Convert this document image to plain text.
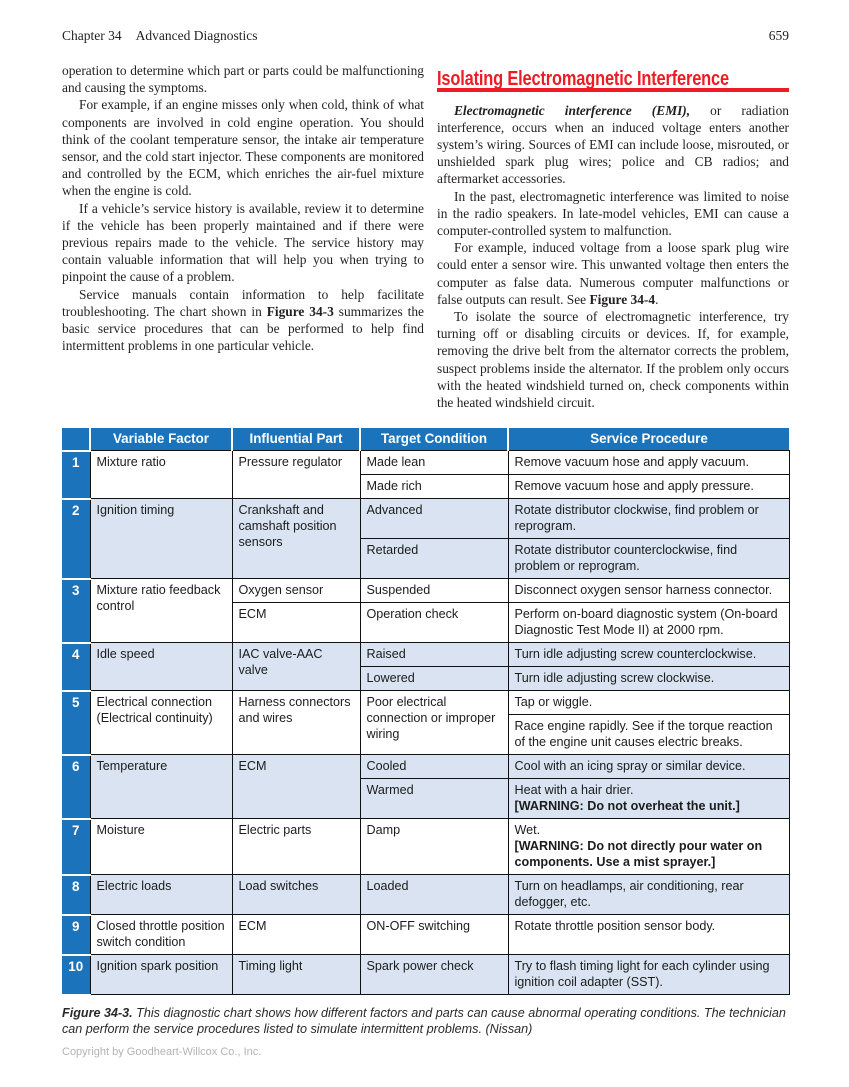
Chapter 34 Advanced Diagnostics	659

operation to determine which part or parts could be malfunctioning and causing the symptoms.

For example, if an engine misses only when cold, think of what components are involved in cold engine operation. You should think of the coolant temperature sensor, the intake air temperature sensor, and the cold start injector. These components are monitored and controlled by the ECM, which enriches the air-fuel mixture when the engine is cold.

If a vehicle’s service history is available, review it to determine if the vehicle has been properly maintained and if there were previous repairs made to the vehicle. The service history may contain valuable information that will help you when trying to pinpoint the cause of a problem.

Service manuals contain information to help facilitate troubleshooting. The chart shown in Figure 34-3 summarizes the basic service procedures that can be performed to help find intermittent problems in one particular vehicle.

Isolating Electromagnetic Interference

Electromagnetic interference (EMI), or radiation interference, occurs when an induced voltage enters another system’s wiring. Sources of EMI can include loose, misrouted, or unshielded spark plug wires; police and CB radios; and aftermarket accessories.

In the past, electromagnetic interference was limited to noise in the radio speakers. In late-model vehicles, EMI can cause a computer-controlled system to malfunction.

For example, induced voltage from a loose spark plug wire could enter a sensor wire. This unwanted voltage then enters the computer as false data. Numerous computer malfunctions or false outputs can result. See Figure 34-4.

To isolate the source of electromagnetic interference, try turning off or disabling circuits or devices. If, for example, removing the drive belt from the alternator corrects the problem, suspect problems inside the alternator. If the problem only occurs with the heated windshield turned on, check components within the heated windshield circuit.

	Variable Factor	Influential Part	Target Condition	Service Procedure
1	Mixture ratio	Pressure regulator	Made lean	Remove vacuum hose and apply vacuum.
			Made rich	Remove vacuum hose and apply pressure.
2	Ignition timing	Crankshaft and camshaft position sensors	Advanced	Rotate distributor clockwise, find problem or reprogram.
			Retarded	Rotate distributor counterclockwise, find problem or reprogram.
3	Mixture ratio feedback control	Oxygen sensor	Suspended	Disconnect oxygen sensor harness connector.
		ECM	Operation check	Perform on-board diagnostic system (On-board Diagnostic Test Mode II) at 2000 rpm.
4	Idle speed	IAC valve-AAC valve	Raised	Turn idle adjusting screw counterclockwise.
			Lowered	Turn idle adjusting screw clockwise.
5	Electrical connection (Electrical continuity)	Harness connectors and wires	Poor electrical connection or improper wiring	Tap or wiggle.
				Race engine rapidly. See if the torque reaction of the engine unit causes electric breaks.
6	Temperature	ECM	Cooled	Cool with an icing spray or similar device.
			Warmed	Heat with a hair drier.
[WARNING: Do not overheat the unit.]

7	Moisture	Electric parts	Damp	Wet.
[WARNING: Do not directly pour water on components. Use a mist sprayer.]

8	Electric loads	Load switches	Loaded	Turn on headlamps, air conditioning, rear defogger, etc.
9	Closed throttle position switch condition	ECM	ON-OFF switching	Rotate throttle position sensor body.
10	Ignition spark position	Timing light	Spark power check	Try to flash timing light for each cylinder using ignition coil adapter (SST).
Figure 34-3. This diagnostic chart shows how different factors and parts can cause abnormal operating conditions. The technician can perform the service procedures listed to simulate intermittent problems. (Nissan)
Copyright by Goodheart-Willcox Co., Inc.
